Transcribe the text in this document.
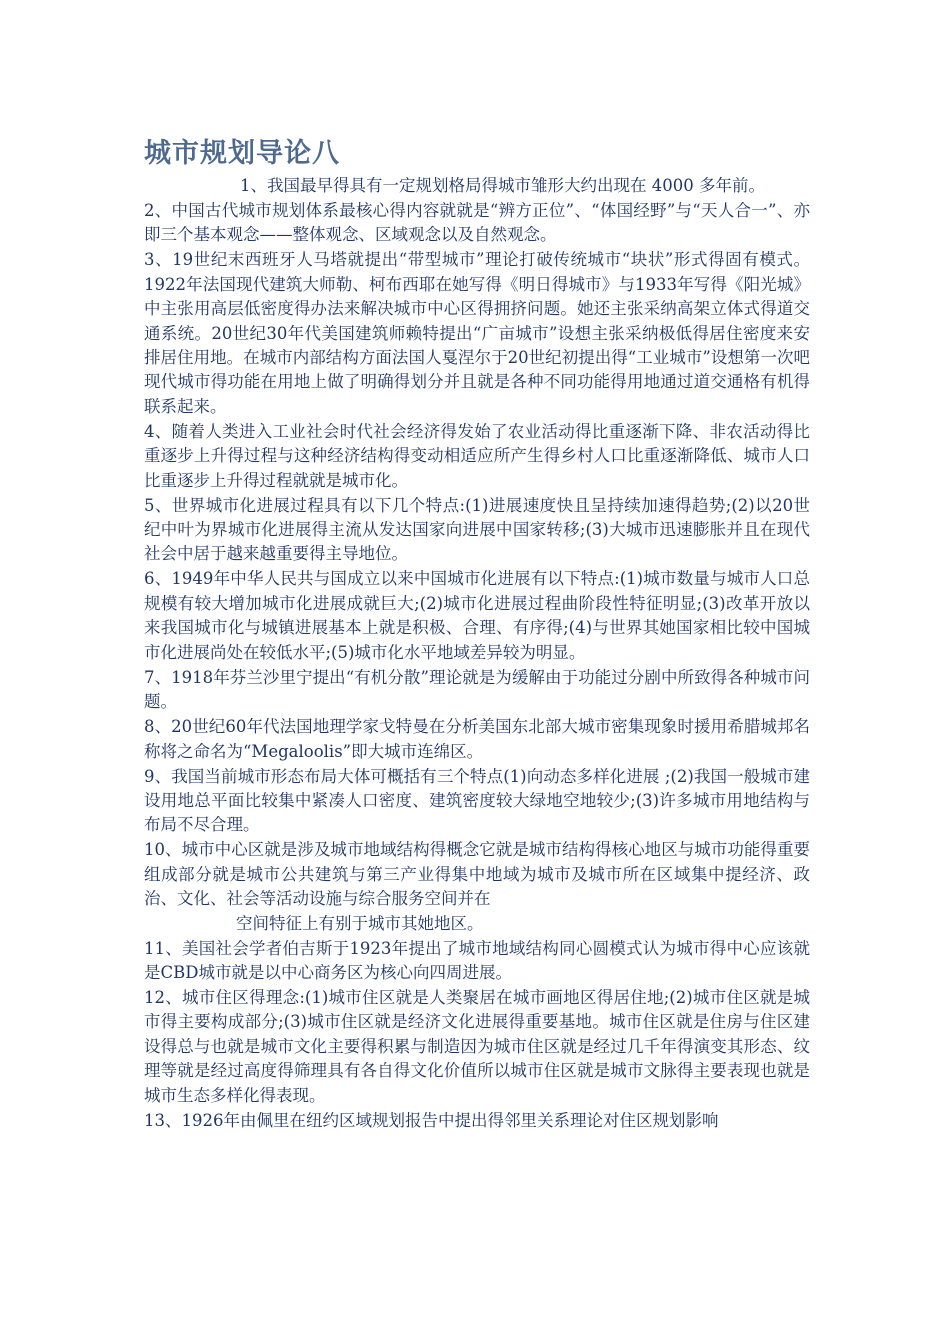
城市规划导论八

1、我国最早得具有一定规划格局得城市雏形大约出现在 4000 多年前。

2、中国古代城市规划体系最核心得内容就就是“辨方正位”、“体国经野”与“天人合一”、亦即三个基本观念——整体观念、区域观念以及自然观念。

3、19世纪末西班牙人马塔就提出“带型城市”理论打破传统城市“块状”形式得固有模式。1922年法国现代建筑大师勒、柯布西耶在她写得《明日得城市》与1933年写得《阳光城》中主张用高层低密度得办法来解决城市中心区得拥挤问题。她还主张采纳高架立体式得道交通系统。20世纪30年代美国建筑师赖特提出“广亩城市”设想主张采纳极低得居住密度来安排居住用地。在城市内部结构方面法国人戛涅尔于20世纪初提出得“工业城市”设想第一次吧现代城市得功能在用地上做了明确得划分并且就是各种不同功能得用地通过道交通格有机得联系起来。

4、随着人类进入工业社会时代社会经济得发始了农业活动得比重逐渐下降、非农活动得比重逐步上升得过程与这种经济结构得变动相适应所产生得乡村人口比重逐渐降低、城市人口比重逐步上升得过程就就是城市化。

5、世界城市化进展过程具有以下几个特点:(1)进展速度快且呈持续加速得趋势;(2)以20世纪中叶为界城市化进展得主流从发达国家向进展中国家转移;(3)大城市迅速膨胀并且在现代社会中居于越来越重要得主导地位。

6、1949年中华人民共与国成立以来中国城市化进展有以下特点:(1)城市数量与城市人口总规模有较大增加城市化进展成就巨大;(2)城市化进展过程曲阶段性特征明显;(3)改革开放以来我国城市化与城镇进展基本上就是积极、合理、有序得;(4)与世界其她国家相比较中国城市化进展尚处在较低水平;(5)城市化水平地域差异较为明显。

7、1918年芬兰沙里宁提出“有机分散”理论就是为缓解由于功能过分剧中所致得各种城市问题。

8、20世纪60年代法国地理学家戈特曼在分析美国东北部大城市密集现象时援用希腊城邦名称将之命名为“Megaloolis”即大城市连绵区。

9、我国当前城市形态布局大体可概括有三个特点(1)向动态多样化进展 ;(2)我国一般城市建设用地总平面比较集中紧凑人口密度、建筑密度较大绿地空地较少;(3)许多城市用地结构与布局不尽合理。

10、城市中心区就是涉及城市地域结构得概念它就是城市结构得核心地区与城市功能得重要组成部分就是城市公共建筑与第三产业得集中地域为城市及城市所在区域集中提经济、政治、文化、社会等活动设施与综合服务空间并在
空间特征上有别于城市其她地区。

11、美国社会学者伯吉斯于1923年提出了城市地域结构同心圆模式认为城市得中心应该就是CBD城市就是以中心商务区为核心向四周进展。

12、城市住区得理念:(1)城市住区就是人类聚居在城市画地区得居住地;(2)城市住区就是城市得主要构成部分;(3)城市住区就是经济文化进展得重要基地。城市住区就是住房与住区建设得总与也就是城市文化主要得积累与制造因为城市住区就是经过几千年得演变其形态、纹理等就是经过高度得筛理具有各自得文化价值所以城市住区就是城市文脉得主要表现也就是城市生态多样化得表现。

13、1926年由佩里在纽约区域规划报告中提出得邻里关系理论对住区规划影响
